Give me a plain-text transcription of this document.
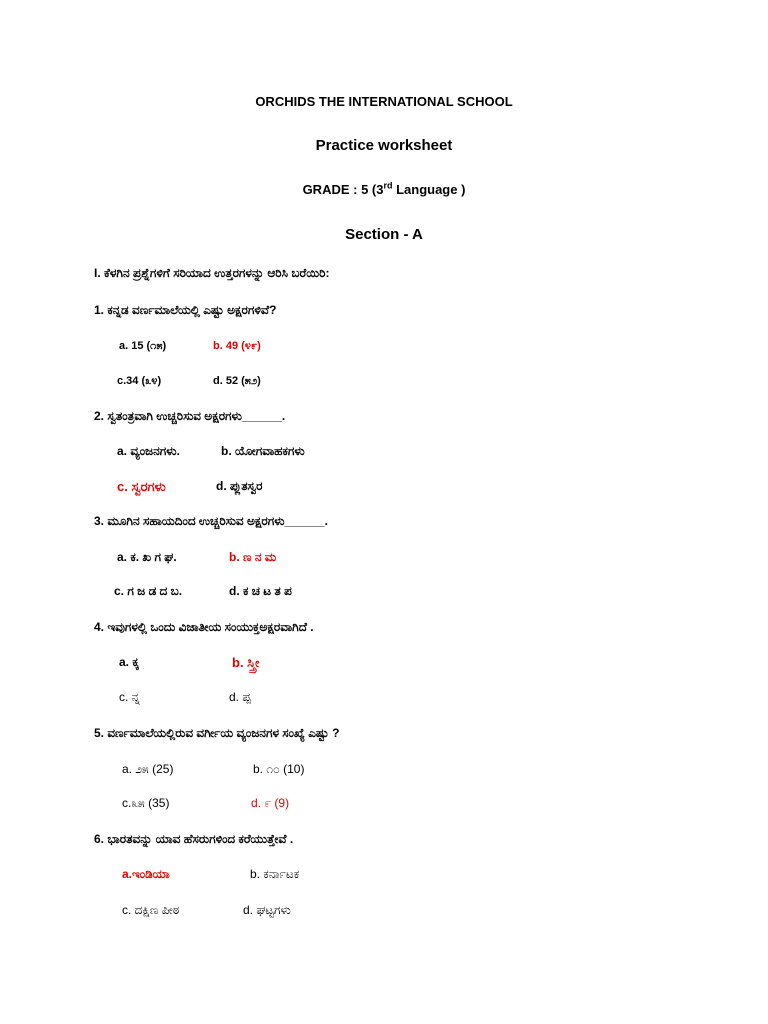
ORCHIDS THE INTERNATIONAL SCHOOL
Practice worksheet
GRADE : 5 (3rd Language )
Section - A
I. ಕೆಳಗಿನ ಪ್ರಶ್ನೆಗಳಿಗೆ ಸರಿಯಾದ ಉತ್ತರಗಳನ್ನು ಆರಿಸಿ ಬರೆಯಿರಿ:
1. ಕನ್ನಡ ವರ್ಣಮಾಲೆಯಲ್ಲಿ ಎಷ್ಟು ಅಕ್ಷರಗಳಿವೆ?
a. 15 (೧೫)	b. 49 (೪೯)
c.34 (೩೪)	d. 52 (೫೨)
2. ಸ್ವತಂತ್ರವಾಗಿ ಉಚ್ಚರಿಸುವ ಅಕ್ಷರಗಳು______.
a. ವ್ಯಂಜನಗಳು.	b. ಯೋಗವಾಹಕಗಳು
c. ಸ್ವರಗಳು	d. ಪ್ಲುತಸ್ವರ
3. ಮೂಗಿನ ಸಹಾಯದಿಂದ ಉಚ್ಚರಿಸುವ ಅಕ್ಷರಗಳು______.
a. ಕ. ಖ ಗ ಘ.	b. ಣ ನ ಮ
c. ಗ ಜ ಡ ದ ಬ.	d. ಕ ಚ ಟ ತ ಪ
4. ಇವುಗಳಲ್ಲಿ ಒಂದು ವಿಜಾತೀಯ ಸಂಯುಕ್ತಅಕ್ಷರವಾಗಿದೆ .
a. ಕ್ಕ	b. ಸ್ತ್ರೀ
c. ನ್ನ	d. ಪ್ಪ
5. ವರ್ಣಮಾಲೆಯಲ್ಲಿರುವ ವರ್ಗೀಯ ವ್ಯಂಜನಗಳ ಸಂಖ್ಯೆ ಎಷ್ಟು ?
a. ೨೫ (25)	b. ೧೦ (10)
c.೩೫ (35)	d. ೯ (9)
6. ಭಾರತವನ್ನು ಯಾವ ಹೆಸರುಗಳಿಂದ ಕರೆಯುತ್ತೇವೆ .
a.ಇಂಡಿಯಾ	b. ಕರ್ನಾಟಕ
c. ದಕ್ಷಿಣ ಪೀಠ	d. ಘಟ್ಟಗಳು
